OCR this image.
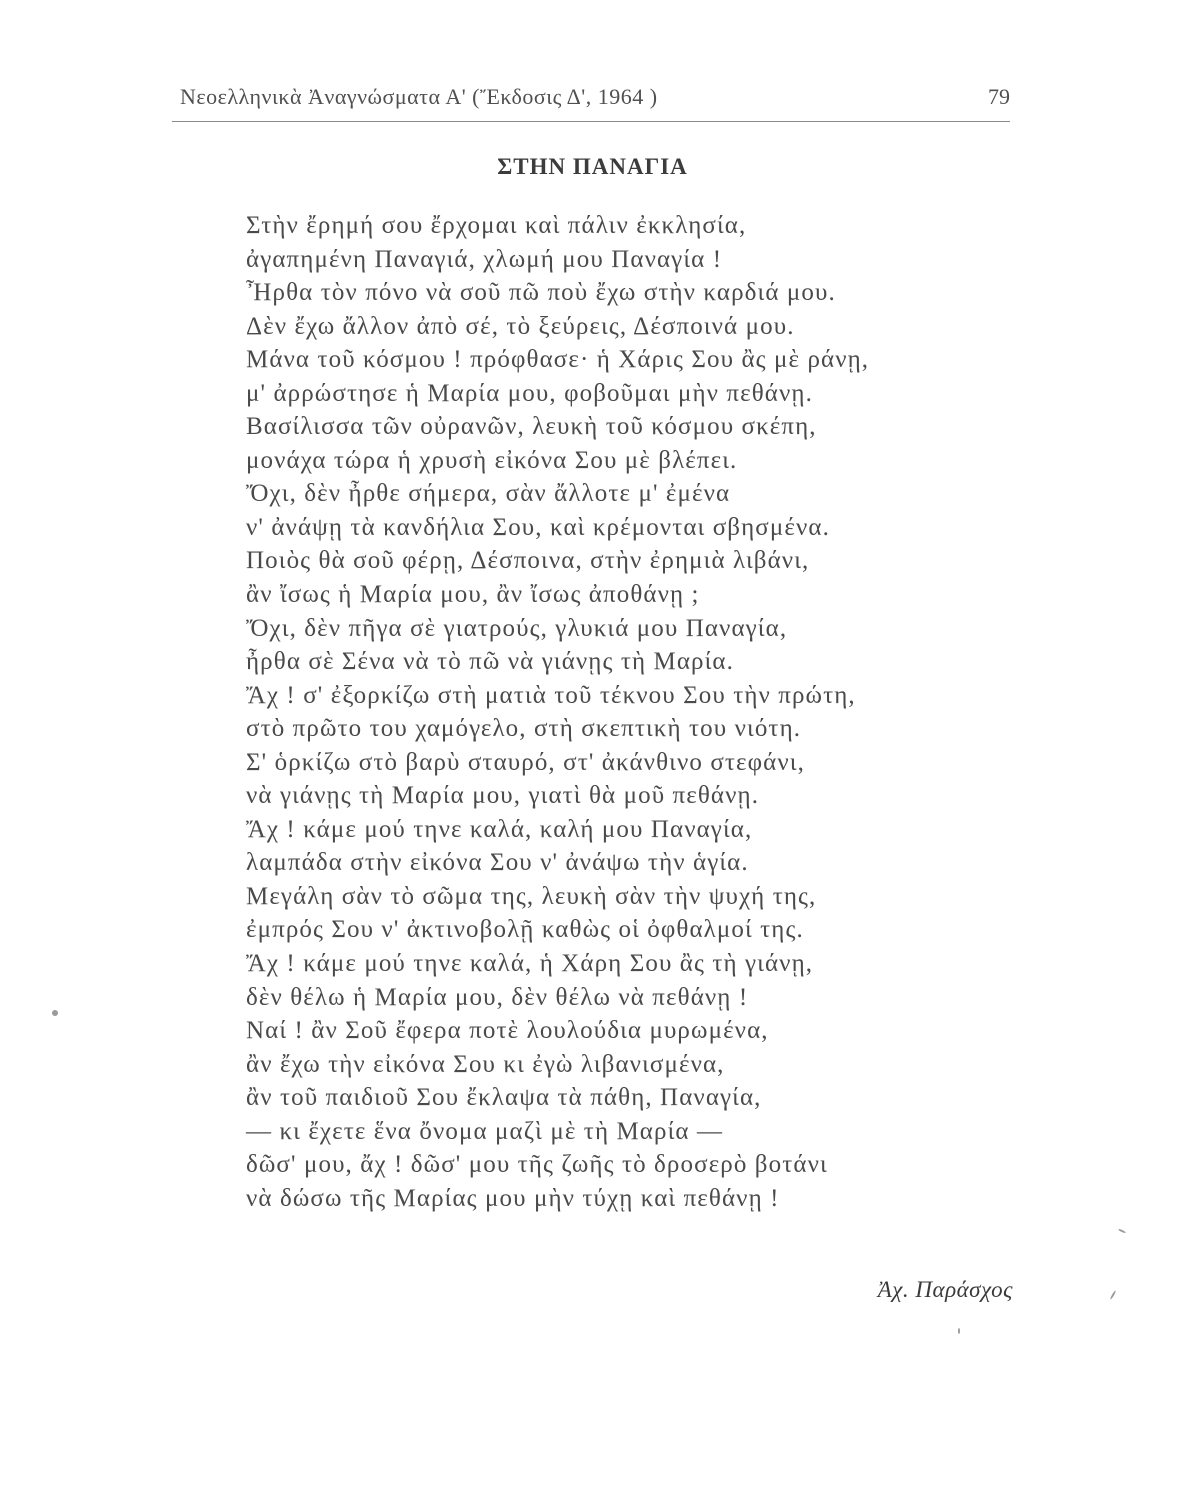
Νεοελληνικὰ Ἀναγνώσματα Α' (Ἔκδοσις Δ', 1964 )	79
ΣΤΗΝ ΠΑΝΑΓΙΑ
Στὴν ἔρημή σου ἔρχομαι καὶ πάλιν ἐκκλησία,
ἀγαπημένη Παναγιά, χλωμή μου Παναγία !
Ἦρθα τὸν πόνο νὰ σοῦ πῶ ποὺ ἔχω στὴν καρδιά μου.
Δὲν ἔχω ἄλλον ἀπὸ σέ, τὸ ξεύρεις, Δέσποινά μου.
Μάνα τοῦ κόσμου ! πρόφθασε· ἡ Χάρις Σου ἂς μὲ ράνῃ,
μ' ἀρρώστησε ἡ Μαρία μου, φοβοῦμαι μὴν πεθάνῃ.
Βασίλισσα τῶν οὐρανῶν, λευκὴ τοῦ κόσμου σκέπη,
μονάχα τώρα ἡ χρυσὴ εἰκόνα Σου μὲ βλέπει.
Ὄχι, δὲν ἦρθε σήμερα, σὰν ἄλλοτε μ' ἐμένα
ν' ἀνάψῃ τὰ κανδήλια Σου, καὶ κρέμονται σβησμένα.
Ποιὸς θὰ σοῦ φέρῃ, Δέσποινα, στὴν ἐρημιὰ λιβάνι,
ἂν ἴσως ἡ Μαρία μου, ἂν ἴσως ἀποθάνῃ ;
Ὄχι, δὲν πῆγα σὲ γιατρούς, γλυκιά μου Παναγία,
ἦρθα σὲ Σένα νὰ τὸ πῶ νὰ γιάνῃς τὴ Μαρία.
Ἄχ ! σ' ἐξορκίζω στὴ ματιὰ τοῦ τέκνου Σου τὴν πρώτη,
στὸ πρῶτο του χαμόγελο, στὴ σκεπτικὴ του νιότη.
Σ' ὁρκίζω στὸ βαρὺ σταυρό, στ' ἀκάνθινο στεφάνι,
νὰ γιάνῃς τὴ Μαρία μου, γιατὶ θὰ μοῦ πεθάνῃ.
Ἄχ ! κάμε μού τηνε καλά, καλή μου Παναγία,
λαμπάδα στὴν εἰκόνα Σου ν' ἀνάψω τὴν ἁγία.
Μεγάλη σὰν τὸ σῶμα της, λευκὴ σὰν τὴν ψυχή της,
ἐμπρός Σου ν' ἀκτινοβολῇ καθὼς οἱ ὀφθαλμοί της.
Ἄχ ! κάμε μού τηνε καλά, ἡ Χάρη Σου ἂς τὴ γιάνῃ,
δὲν θέλω ἡ Μαρία μου, δὲν θέλω νὰ πεθάνῃ !
Ναί ! ἂν Σοῦ ἔφερα ποτὲ λουλούδια μυρωμένα,
ἂν ἔχω τὴν εἰκόνα Σου κι ἐγὼ λιβανισμένα,
ἂν τοῦ παιδιοῦ Σου ἔκλαψα τὰ πάθη, Παναγία,
— κι ἔχετε ἕνα ὄνομα μαζὶ μὲ τὴ Μαρία —
δῶσ' μου, ἄχ ! δῶσ' μου τῆς ζωῆς τὸ δροσερὸ βοτάνι
νὰ δώσω τῆς Μαρίας μου μὴν τύχῃ καὶ πεθάνῃ !
Ἀχ. Παράσχος
